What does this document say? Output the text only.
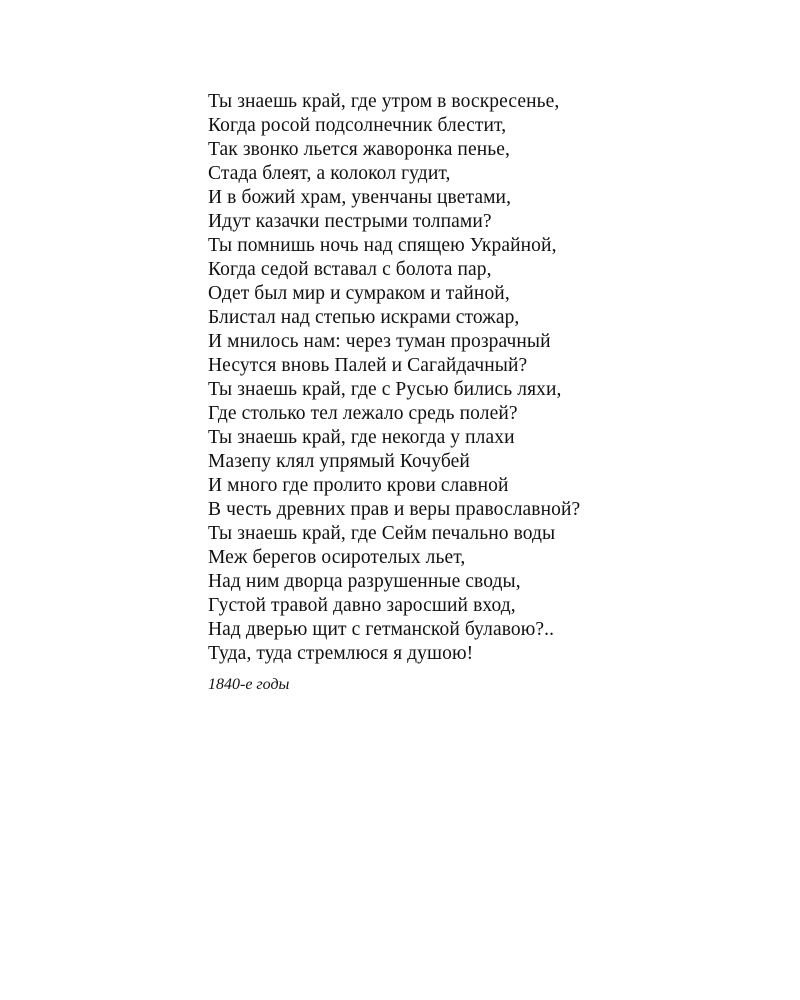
Ты знаешь край, где утром в воскресенье,
Когда росой подсолнечник блестит,
Так звонко льется жаворонка пенье,
Стада блеят, а колокол гудит,
И в божий храм, увенчаны цветами,
Идут казачки пестрыми толпами?
Ты помнишь ночь над спящею Украйной,
Когда седой вставал с болота пар,
Одет был мир и сумраком и тайной,
Блистал над степью искрами стожар,
И мнилось нам: через туман прозрачный
Несутся вновь Палей и Сагайдачный?
Ты знаешь край, где с Русью бились ляхи,
Где столько тел лежало средь полей?
Ты знаешь край, где некогда у плахи
Мазепу клял упрямый Кочубей
И много где пролито крови славной
В честь древних прав и веры православной?
Ты знаешь край, где Сейм печально воды
Меж берегов осиротелых льет,
Над ним дворца разрушенные своды,
Густой травой давно заросший вход,
Над дверью щит с гетманской булавою?..
Туда, туда стремлюся я душою!
1840-е годы
